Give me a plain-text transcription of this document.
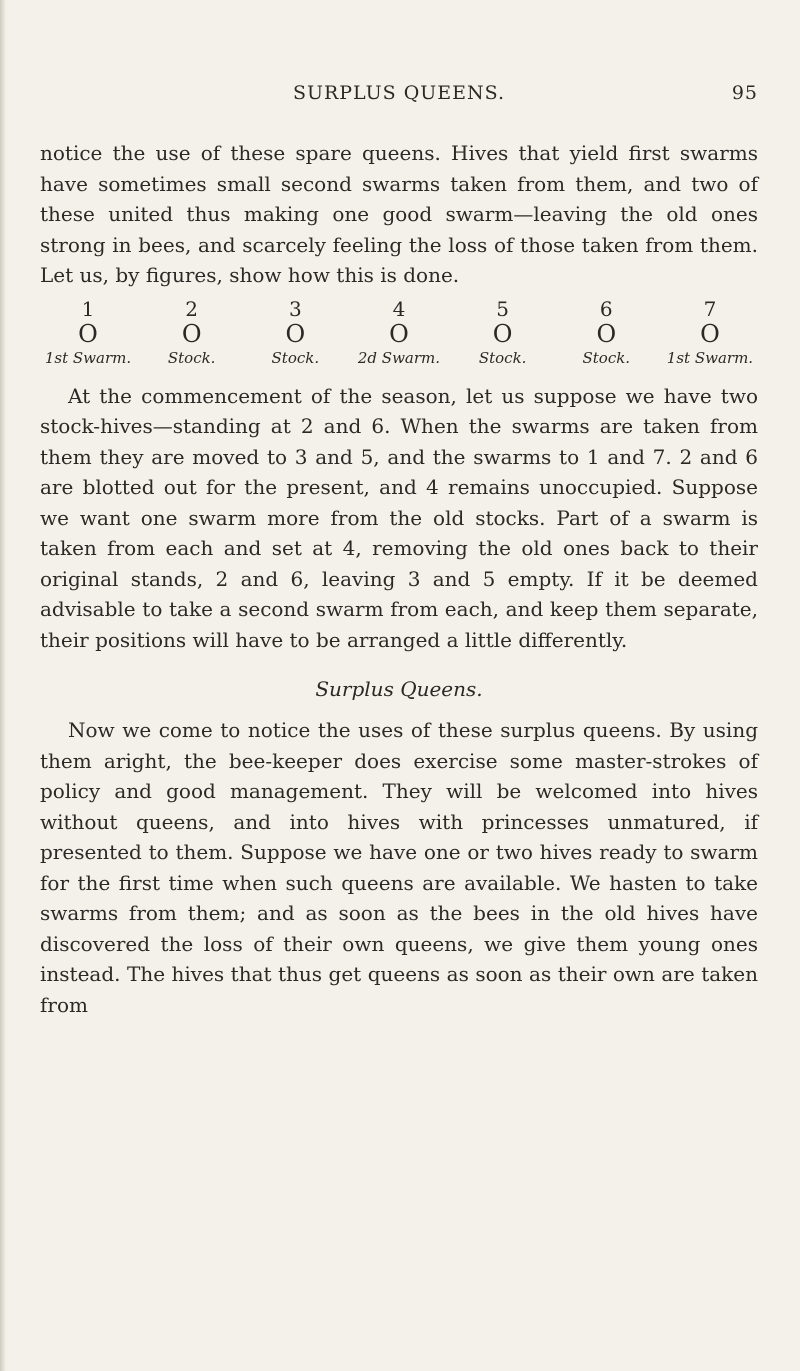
SURPLUS QUEENS.	95

notice the use of these spare queens. Hives that yield first swarms have sometimes small second swarms taken from them, and two of these united thus making one good swarm—leaving the old ones strong in bees, and scarcely feeling the loss of those taken from them. Let us, by figures, show how this is done.

1
O
1st Swarm.
2
O
Stock.
3
O
Stock.
4
O
2d Swarm.
5
O
Stock.
6
O
Stock.
7
O
1st Swarm.

At the commencement of the season, let us suppose we have two stock-hives—standing at 2 and 6. When the swarms are taken from them they are moved to 3 and 5, and the swarms to 1 and 7. 2 and 6 are blotted out for the present, and 4 remains unoccupied. Suppose we want one swarm more from the old stocks. Part of a swarm is taken from each and set at 4, removing the old ones back to their original stands, 2 and 6, leaving 3 and 5 empty. If it be deemed advisable to take a second swarm from each, and keep them separate, their positions will have to be arranged a little differently.

Surplus Queens.

Now we come to notice the uses of these surplus queens. By using them aright, the bee-keeper does exercise some master-strokes of policy and good management. They will be welcomed into hives without queens, and into hives with princesses unmatured, if presented to them. Suppose we have one or two hives ready to swarm for the first time when such queens are available. We hasten to take swarms from them; and as soon as the bees in the old hives have discovered the loss of their own queens, we give them young ones instead. The hives that thus get queens as soon as their own are taken from
